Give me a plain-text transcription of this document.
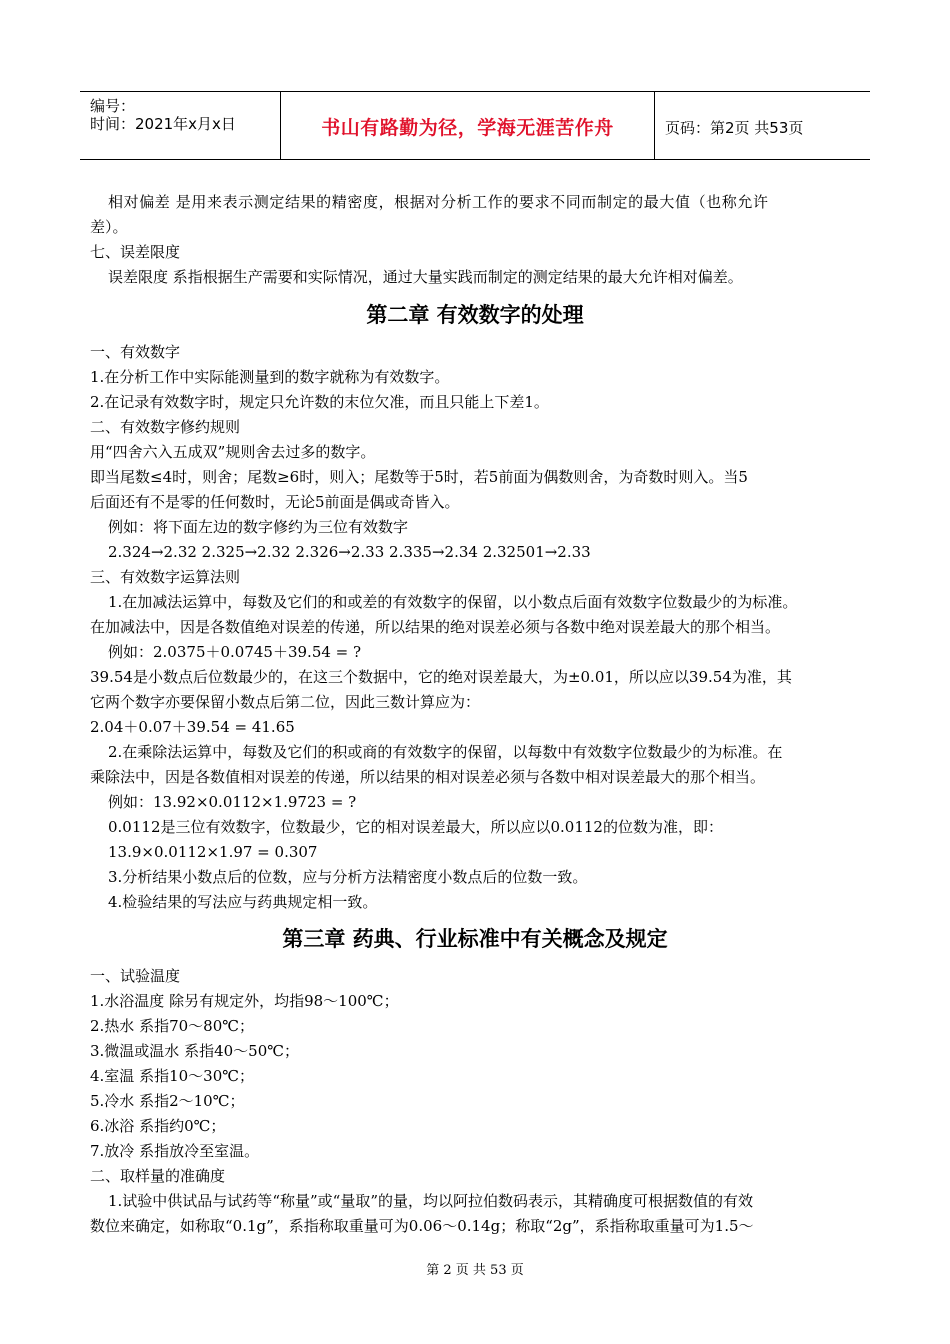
编号：
时间：2021年x月x日	书山有路勤为径，学海无涯苦作舟	页码：第2页 共53页
相对偏差 是用来表示测定结果的精密度，根据对分析工作的要求不同而制定的最大值（也称允许
差）。
七、误差限度
误差限度 系指根据生产需要和实际情况，通过大量实践而制定的测定结果的最大允许相对偏差。
第二章 有效数字的处理
一、有效数字
1.在分析工作中实际能测量到的数字就称为有效数字。
2.在记录有效数字时，规定只允许数的末位欠准，而且只能上下差1。
二、有效数字修约规则
用“四舍六入五成双”规则舍去过多的数字。
即当尾数≤4时，则舍；尾数≥6时，则入；尾数等于5时，若5前面为偶数则舍，为奇数时则入。当5
后面还有不是零的任何数时，无论5前面是偶或奇皆入。
例如：将下面左边的数字修约为三位有效数字
2.324→2.32 2.325→2.32 2.326→2.33 2.335→2.34 2.32501→2.33
三、有效数字运算法则
1.在加减法运算中，每数及它们的和或差的有效数字的保留，以小数点后面有效数字位数最少的为标准。
在加减法中，因是各数值绝对误差的传递，所以结果的绝对误差必须与各数中绝对误差最大的那个相当。
例如：2.0375＋0.0745＋39.54 = ?
39.54是小数点后位数最少的，在这三个数据中，它的绝对误差最大，为±0.01，所以应以39.54为准，其
它两个数字亦要保留小数点后第二位，因此三数计算应为：
2.04＋0.07＋39.54 = 41.65
2.在乘除法运算中，每数及它们的积或商的有效数字的保留，以每数中有效数字位数最少的为标准。在
乘除法中，因是各数值相对误差的传递，所以结果的相对误差必须与各数中相对误差最大的那个相当。
例如：13.92×0.0112×1.9723 = ?
0.0112是三位有效数字，位数最少，它的相对误差最大，所以应以0.0112的位数为准，即：
13.9×0.0112×1.97 = 0.307
3.分析结果小数点后的位数，应与分析方法精密度小数点后的位数一致。
4.检验结果的写法应与药典规定相一致。
第三章 药典、行业标准中有关概念及规定
一、试验温度
1.水浴温度 除另有规定外，均指98～100℃；
2.热水 系指70～80℃；
3.微温或温水 系指40～50℃；
4.室温 系指10～30℃；
5.冷水 系指2～10℃；
6.冰浴 系指约0℃；
7.放冷 系指放冷至室温。
二、取样量的准确度
1.试验中供试品与试药等“称量”或“量取”的量，均以阿拉伯数码表示，其精确度可根据数值的有效
数位来确定，如称取“0.1g”，系指称取重量可为0.06～0.14g；称取“2g”，系指称取重量可为1.5～
第 2 页 共 53 页
